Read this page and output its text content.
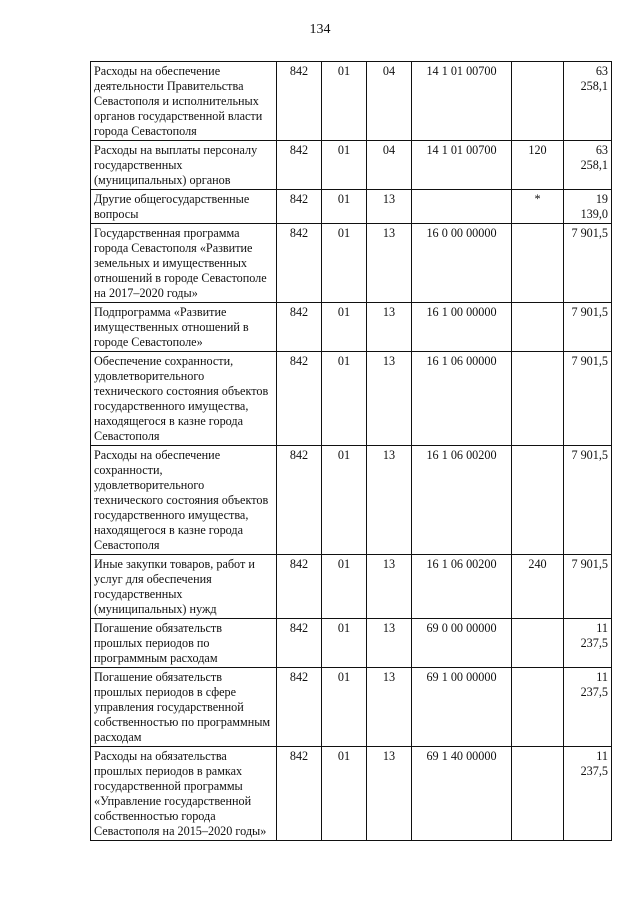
134
Расходы на обеспечение деятельности Правительства Севастополя и исполнительных органов государственной власти города Севастополя	842	01	04	14 1 01 00700		63 258,1
Расходы на выплаты персоналу государственных (муниципальных) органов	842	01	04	14 1 01 00700	120	63 258,1
Другие общегосударственные вопросы	842	01	13		*	19 139,0
Государственная программа города Севастополя «Развитие земельных и имущественных отношений в городе Севастополе на 2017–2020 годы»	842	01	13	16 0 00 00000		7 901,5
Подпрограмма «Развитие имущественных отношений в городе Севастополе»	842	01	13	16 1 00 00000		7 901,5
Обеспечение сохранности, удовлетворительного технического состояния объектов государственного имущества, находящегося в казне города Севастополя	842	01	13	16 1 06 00000		7 901,5
Расходы на обеспечение сохранности, удовлетворительного технического состояния объектов государственного имущества, находящегося в казне города Севастополя	842	01	13	16 1 06 00200		7 901,5
Иные закупки товаров, работ и услуг для обеспечения государственных (муниципальных) нужд	842	01	13	16 1 06 00200	240	7 901,5
Погашение обязательств прошлых периодов по программным расходам	842	01	13	69 0 00 00000		11 237,5
Погашение обязательств прошлых периодов в сфере управления государственной собственностью по программным расходам	842	01	13	69 1 00 00000		11 237,5
Расходы на обязательства прошлых периодов в рамках государственной программы «Управление государственной собственностью города Севастополя на 2015–2020 годы»	842	01	13	69 1 40 00000		11 237,5
